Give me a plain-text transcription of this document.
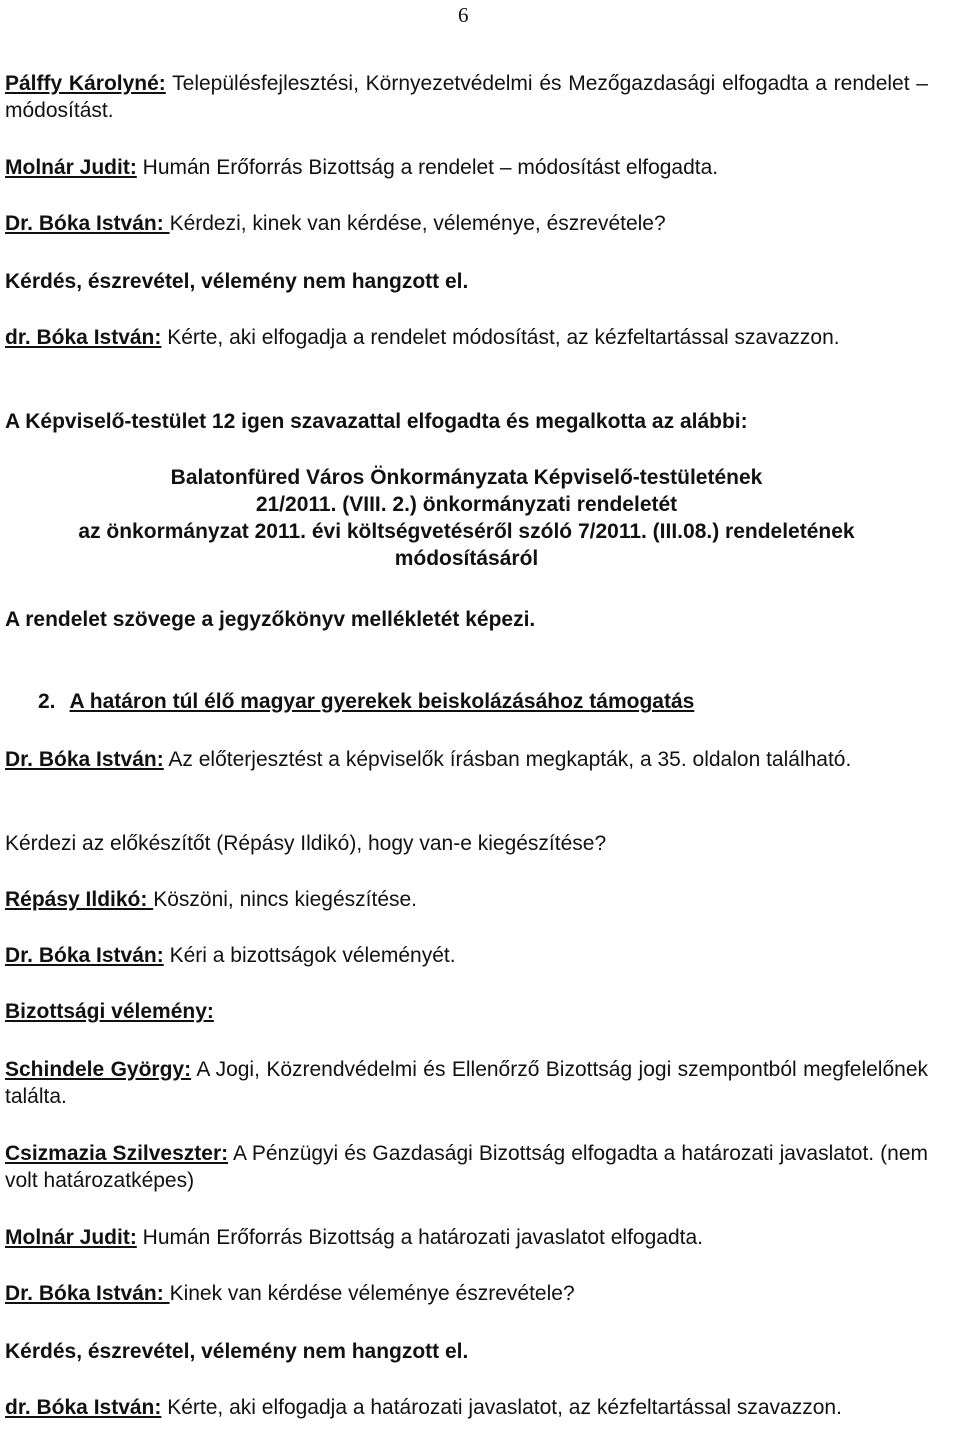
6

Pálffy Károlyné: Településfejlesztési, Környezetvédelmi és Mezőgazdasági elfogadta a rendelet – módosítást.

Molnár Judit: Humán Erőforrás Bizottság a rendelet – módosítást elfogadta.

Dr. Bóka István: Kérdezi, kinek van kérdése, véleménye, észrevétele?

Kérdés, észrevétel, vélemény nem hangzott el.

dr. Bóka István: Kérte, aki elfogadja a rendelet módosítást, az kézfeltartással szavazzon.

A Képviselő-testület 12 igen szavazattal elfogadta és megalkotta az alábbi:

Balatonfüred Város Önkormányzata Képviselő-testületének
21/2011. (VIII. 2.) önkormányzati rendeletét
az önkormányzat 2011. évi költségvetéséről szóló 7/2011. (III.08.) rendeletének
módosításáról

A rendelet szövege a jegyzőkönyv mellékletét képezi.

2. A határon túl élő magyar gyerekek beiskolázásához támogatás

Dr. Bóka István: Az előterjesztést a képviselők írásban megkapták, a 35. oldalon található.

Kérdezi az előkészítőt (Répásy Ildikó), hogy van-e kiegészítése?

Répásy Ildikó: Köszöni, nincs kiegészítése.

Dr. Bóka István: Kéri a bizottságok véleményét.

Bizottsági vélemény:

Schindele György: A Jogi, Közrendvédelmi és Ellenőrző Bizottság jogi szempontból megfelelőnek találta.

Csizmazia Szilveszter: A Pénzügyi és Gazdasági Bizottság elfogadta a határozati javaslatot. (nem volt határozatképes)

Molnár Judit: Humán Erőforrás Bizottság a határozati javaslatot elfogadta.

Dr. Bóka István: Kinek van kérdése véleménye észrevétele?

Kérdés, észrevétel, vélemény nem hangzott el.

dr. Bóka István: Kérte, aki elfogadja a határozati javaslatot, az kézfeltartással szavazzon.
